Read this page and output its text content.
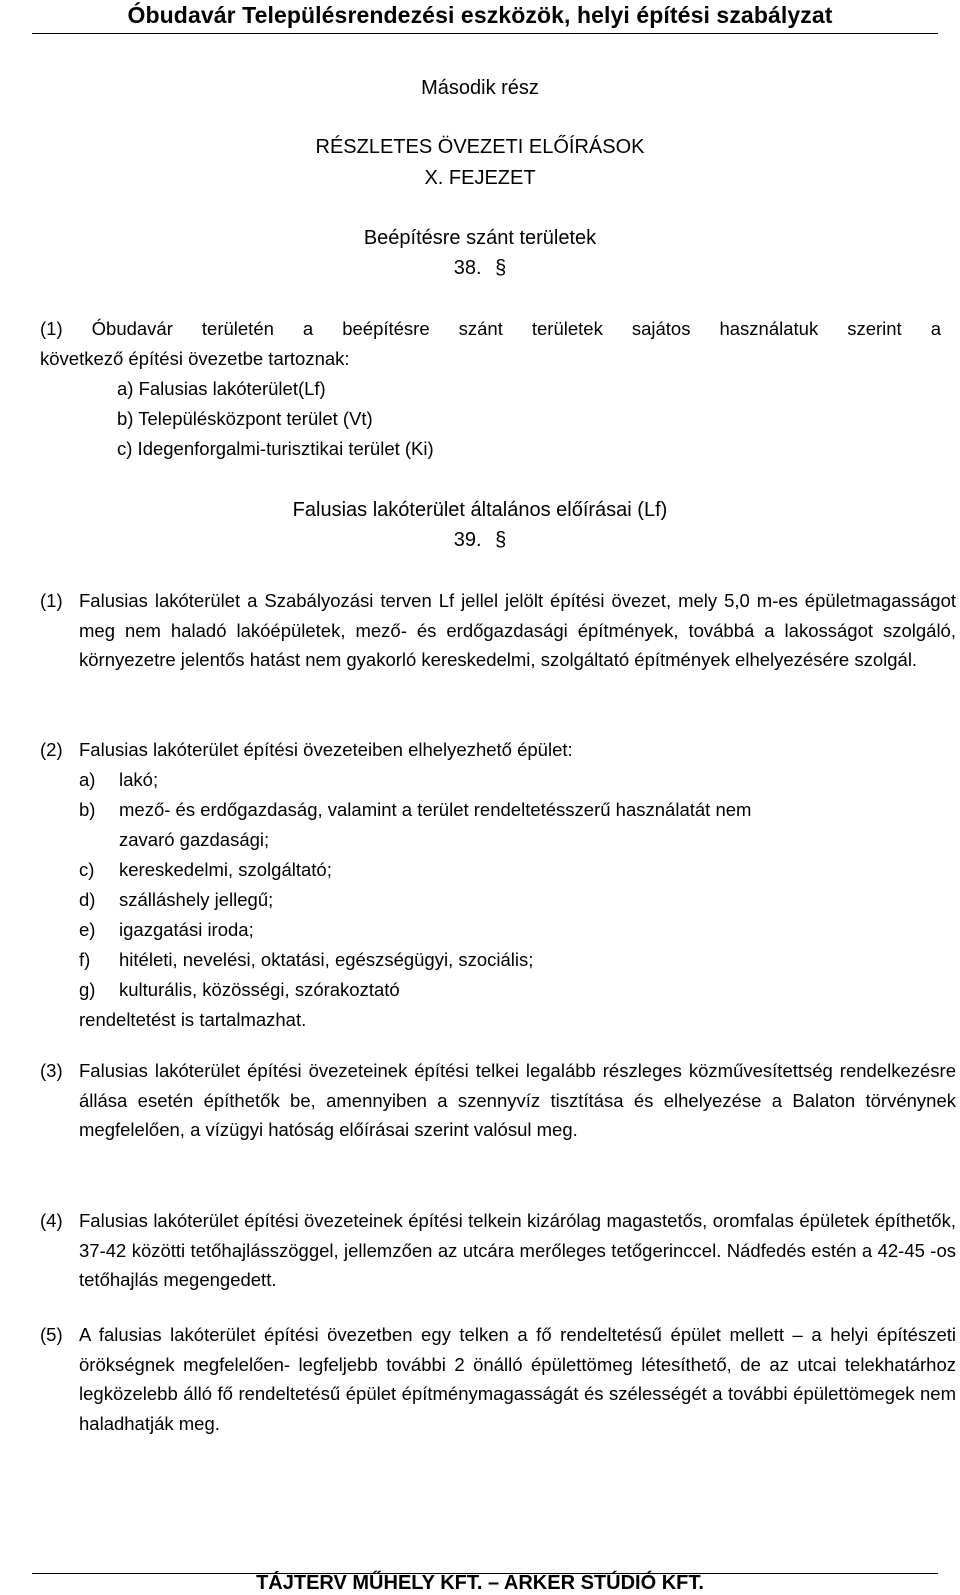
Óbudavár Településrendezési eszközök, helyi építési szabályzat
Második rész
RÉSZLETES ÖVEZETI ELŐÍRÁSOK
X. FEJEZET
Beépítésre szánt területek
38. §
(1) Óbudavár területén a beépítésre szánt területek sajátos használatuk szerint a
következő építési övezetbe tartoznak:
a) Falusias lakóterület(Lf)
b) Településközpont terület (Vt)
c) Idegenforgalmi-turisztikai terület (Ki)
Falusias lakóterület általános előírásai (Lf)
39. §
(1) Falusias lakóterület a Szabályozási terven Lf jellel jelölt építési övezet, mely 5,0 m-es épületmagasságot meg nem haladó lakóépületek, mező- és erdőgazdasági építmények, továbbá a lakosságot szolgáló, környezetre jelentős hatást nem gyakorló kereskedelmi, szolgáltató építmények elhelyezésére szolgál.
(2) Falusias lakóterület építési övezeteiben elhelyezhető épület:
a) lakó;
b) mező- és erdőgazdaság, valamint a terület rendeltetésszerű használatát nem
zavaró gazdasági;
c) kereskedelmi, szolgáltató;
d) szálláshely jellegű;
e) igazgatási iroda;
f) hitéleti, nevelési, oktatási, egészségügyi, szociális;
g) kulturális, közösségi, szórakoztató
rendeltetést is tartalmazhat.
(3) Falusias lakóterület építési övezeteinek építési telkei legalább részleges közművesítettség rendelkezésre állása esetén építhetők be, amennyiben a szennyvíz tisztítása és elhelyezése a Balaton törvénynek megfelelően, a vízügyi hatóság előírásai szerint valósul meg.
(4) Falusias lakóterület építési övezeteinek építési telkein kizárólag magastetős, oromfalas épületek építhetők, 37-42 közötti tetőhajlásszöggel, jellemzően az utcára merőleges tetőgerinccel. Nádfedés estén a 42-45 -os tetőhajlás megengedett.
(5) A falusias lakóterület építési övezetben egy telken a fő rendeltetésű épület mellett – a helyi építészeti örökségnek megfelelően- legfeljebb további 2 önálló épülettömeg létesíthető, de az utcai telekhatárhoz legközelebb álló fő rendeltetésű épület építménymagasságát és szélességét a további épülettömegek nem haladhatják meg.
TÁJTERV MŰHELY KFT. – ARKER STÚDIÓ KFT.
